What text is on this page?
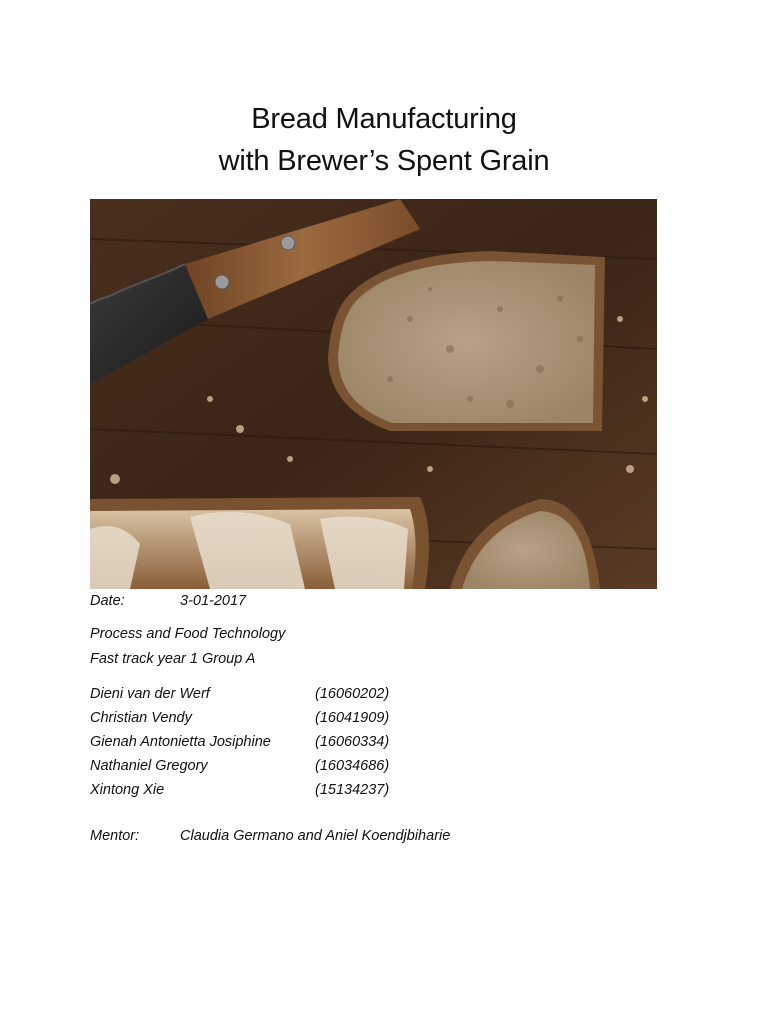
Bread Manufacturing
with Brewer’s Spent Grain
Date:	3-01-2017
Process and Food Technology
Fast track year 1 Group A
Dieni van der Werf	(16060202)
Christian Vendy	(16041909)
Gienah Antonietta Josiphine	(16060334)
Nathaniel Gregory	(16034686)
Xintong Xie	(15134237)
Mentor:	Claudia Germano and Aniel Koendjbiharie
